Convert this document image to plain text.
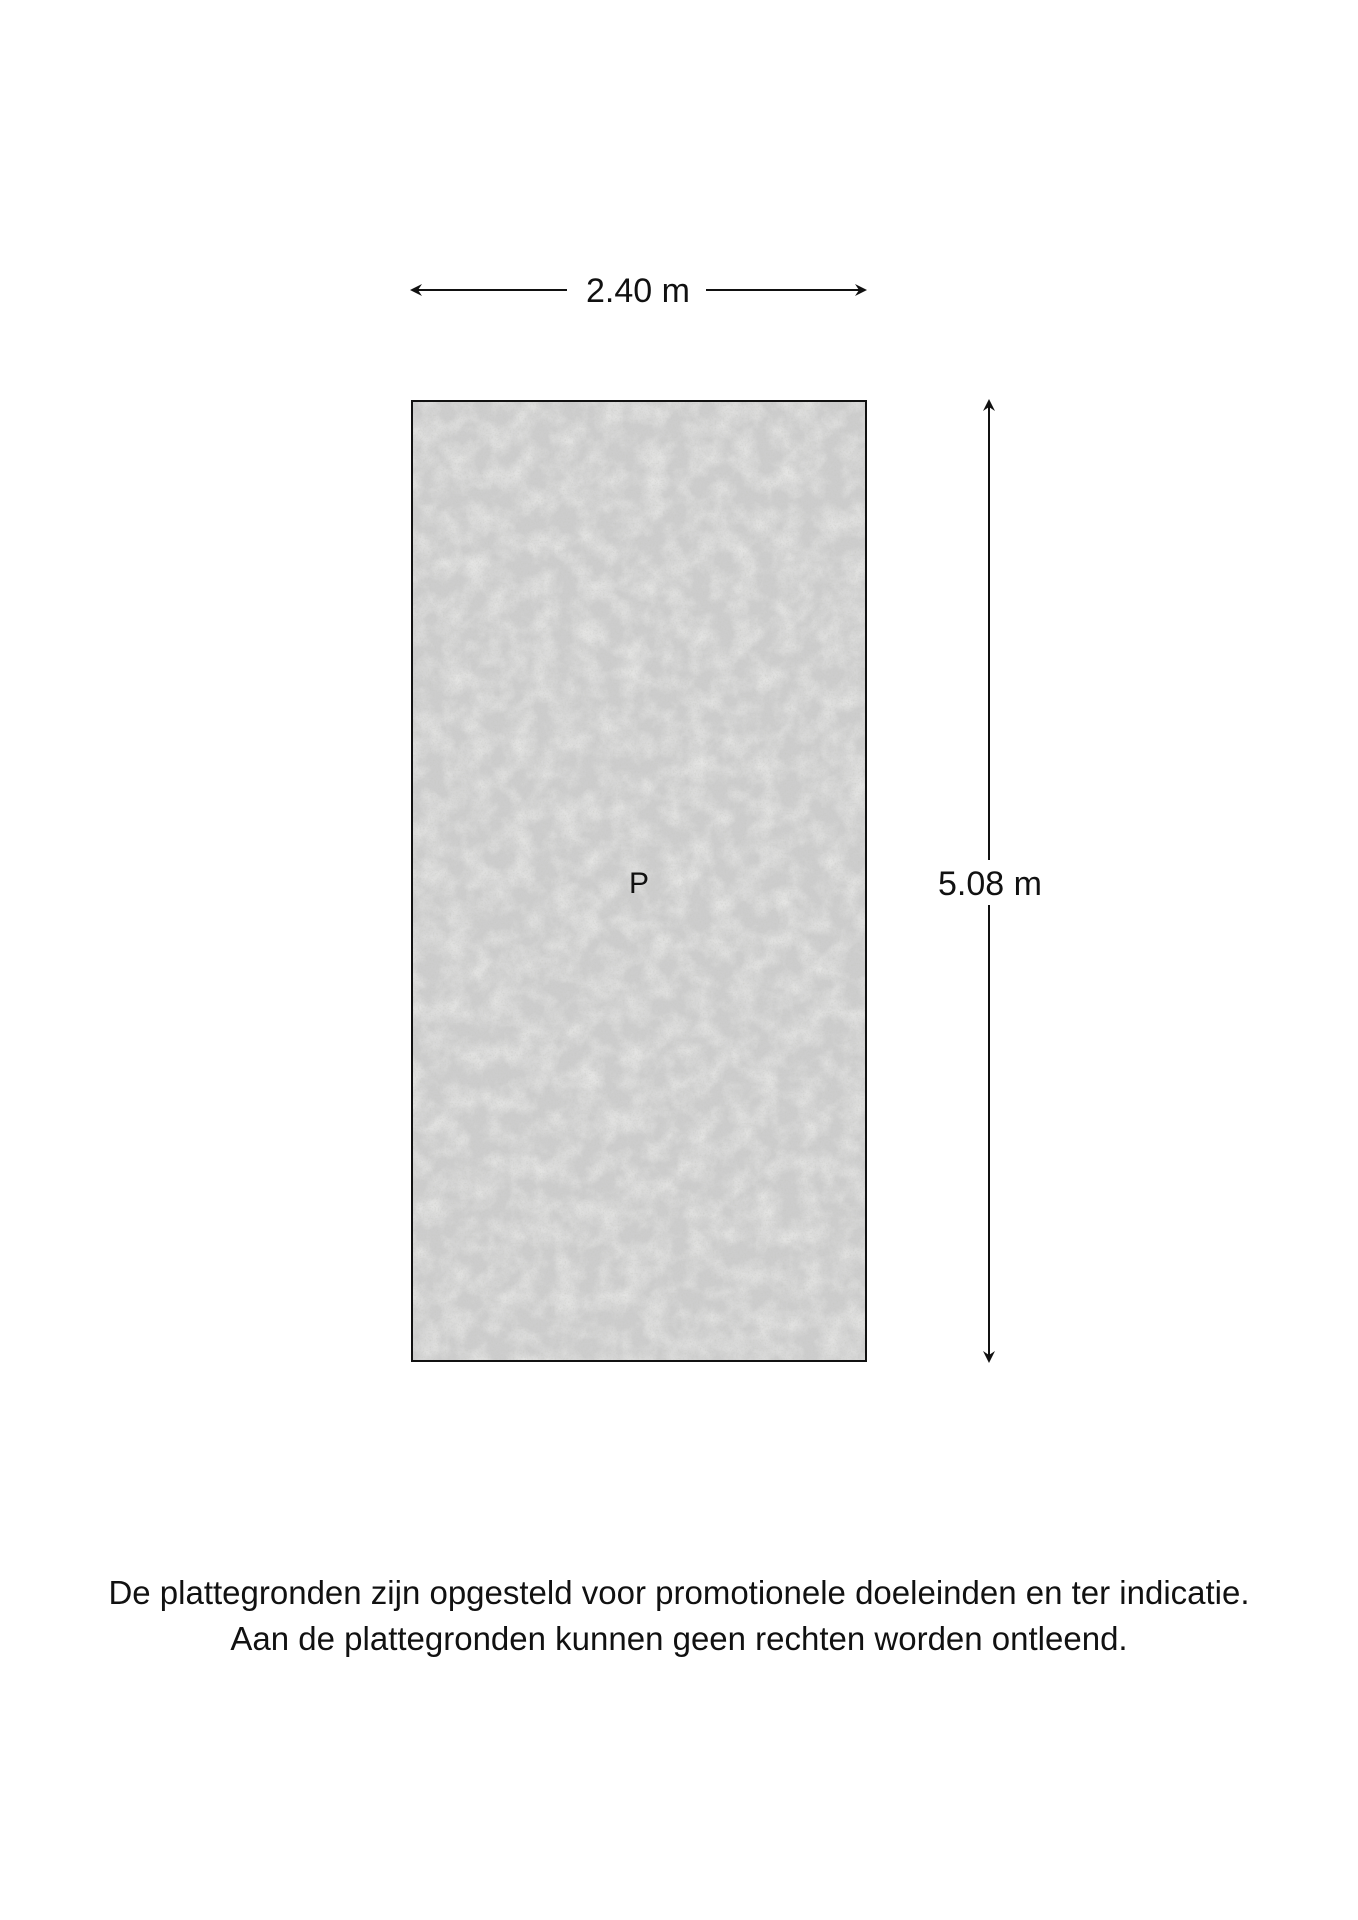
2.40 m
P	5.08 m
De plattegronden zijn opgesteld voor promotionele doeleinden en ter indicatie.
Aan de plattegronden kunnen geen rechten worden ontleend.
